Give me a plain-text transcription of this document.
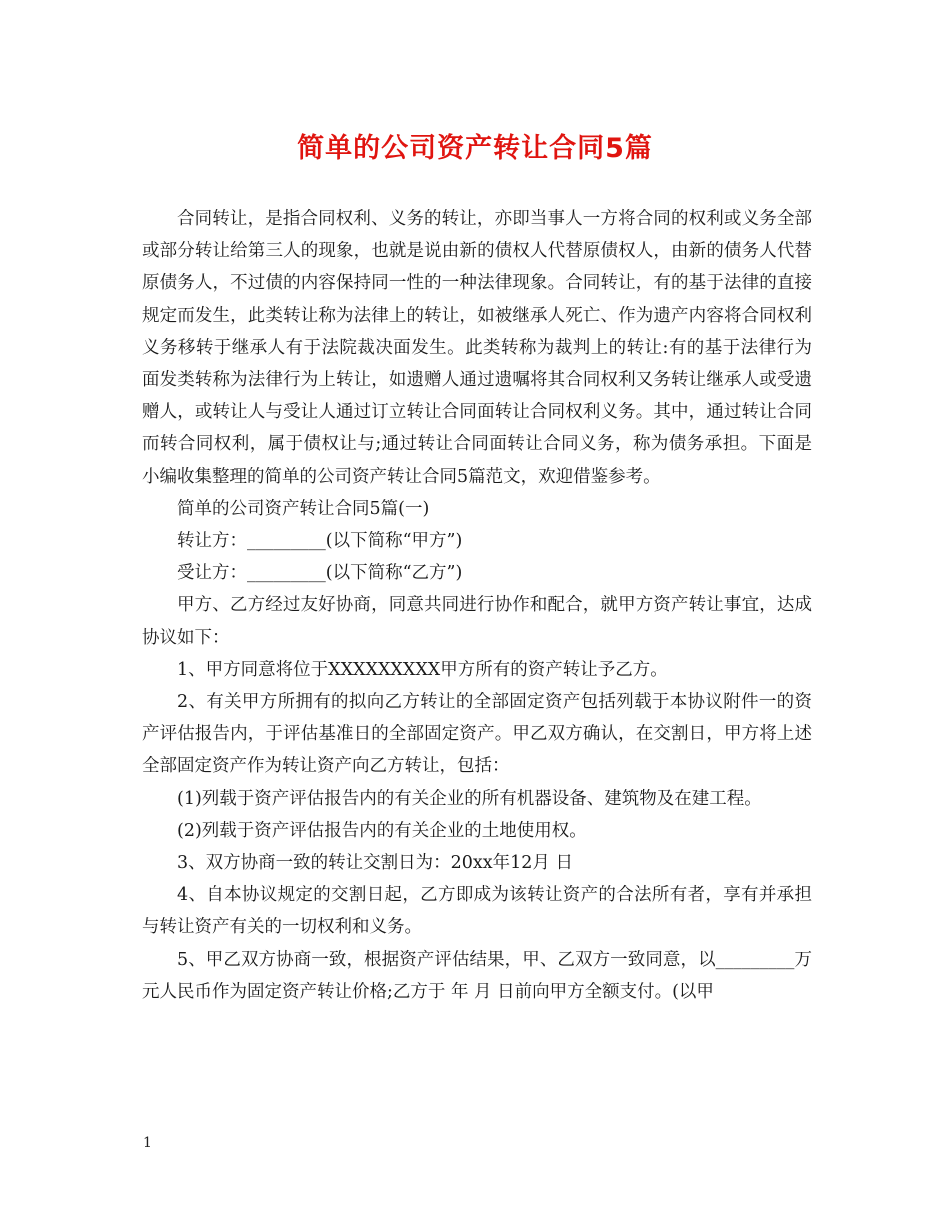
简单的公司资产转让合同5篇

合同转让，是指合同权利、义务的转让，亦即当事人一方将合同的权利或义务全部或部分转让给第三人的现象，也就是说由新的债权人代替原债权人，由新的债务人代替原债务人，不过债的内容保持同一性的一种法律现象。合同转让，有的基于法律的直接规定而发生，此类转让称为法律上的转让，如被继承人死亡、作为遗产内容将合同权利义务移转于继承人有于法院裁决面发生。此类转称为裁判上的转让:有的基于法律行为面发类转称为法律行为上转让，如遗赠人通过遗嘱将其合同权利又务转让继承人或受遗赠人，或转让人与受让人通过订立转让合同面转让合同权利义务。其中，通过转让合同而转合同权利，属于债权让与;通过转让合同面转让合同义务，称为债务承担。下面是小编收集整理的简单的公司资产转让合同5篇范文，欢迎借鉴参考。

简单的公司资产转让合同5篇(一)

转让方：_________(以下简称“甲方”)

受让方：_________(以下简称“乙方”)

甲方、乙方经过友好协商，同意共同进行协作和配合，就甲方资产转让事宜，达成协议如下：

1、甲方同意将位于XXXXXXXXX甲方所有的资产转让予乙方。

2、有关甲方所拥有的拟向乙方转让的全部固定资产包括列载于本协议附件一的资产评估报告内，于评估基准日的全部固定资产。甲乙双方确认，在交割日，甲方将上述全部固定资产作为转让资产向乙方转让，包括：

(1)列载于资产评估报告内的有关企业的所有机器设备、建筑物及在建工程。

(2)列载于资产评估报告内的有关企业的土地使用权。

3、双方协商一致的转让交割日为：20xx年12月 日

4、自本协议规定的交割日起，乙方即成为该转让资产的合法所有者，享有并承担与转让资产有关的一切权利和义务。

5、甲乙双方协商一致，根据资产评估结果，甲、乙双方一致同意，以_________万元人民币作为固定资产转让价格;乙方于 年 月 日前向甲方全额支付。(以甲

1
